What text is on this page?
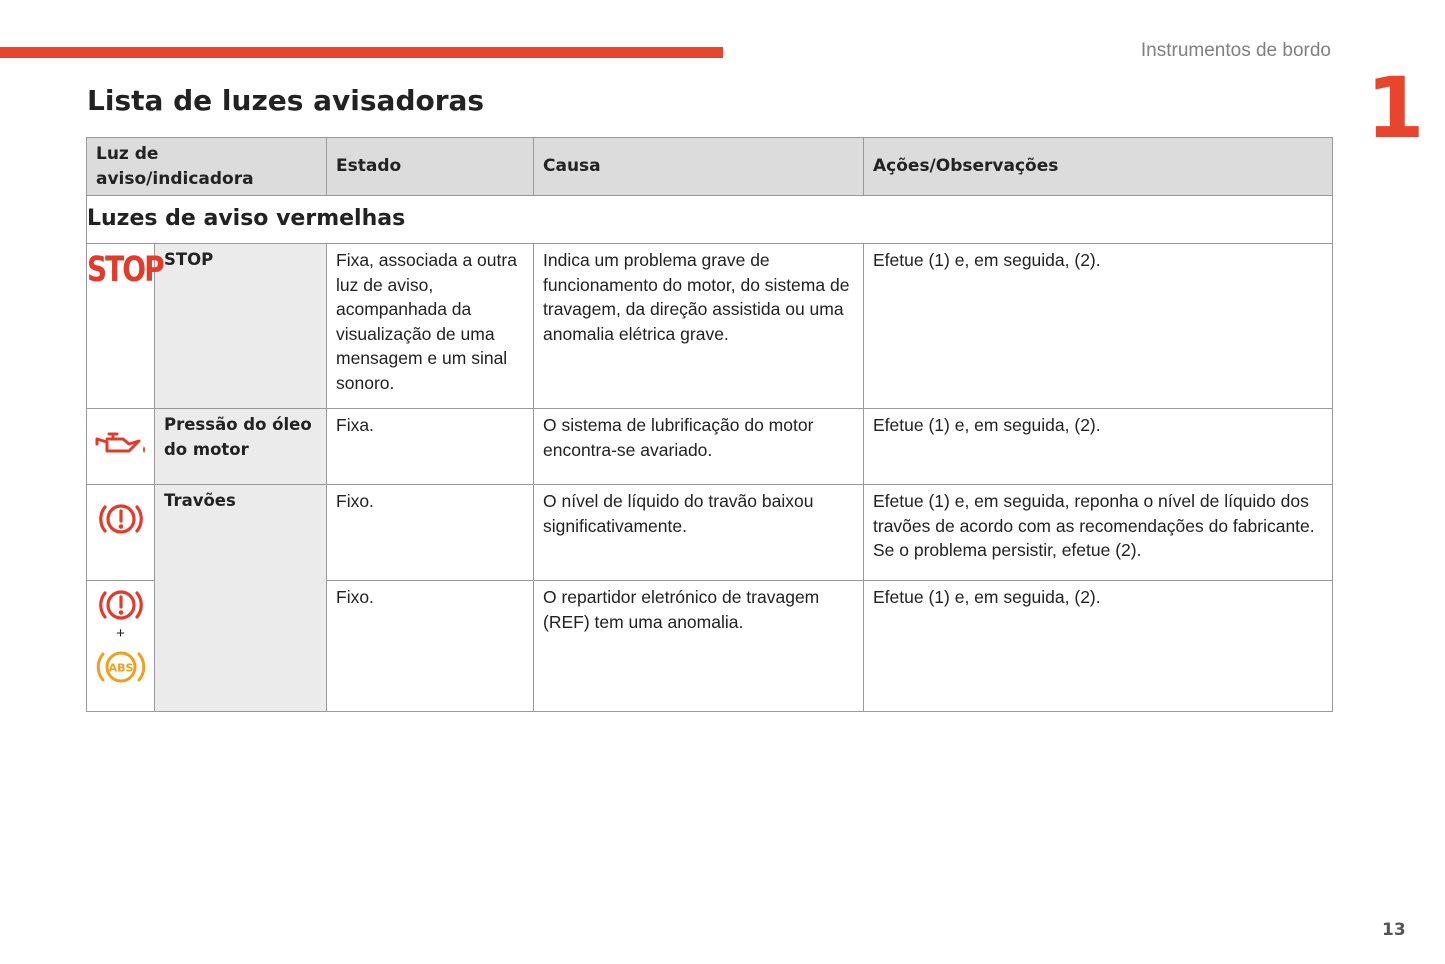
Instrumentos de bordo
1
Lista de luzes avisadoras
Luz de aviso/indicadora		Estado	Causa	Ações/Observações
Luzes de aviso vermelhas				
STOP	STOP	Fixa, associada a outra luz de aviso, acompanhada da visualização de uma mensagem e um sinal sonoro.	Indica um problema grave de funcionamento do motor, do sistema de travagem, da direção assistida ou uma anomalia elétrica grave.	Efetue (1) e, em seguida, (2).

	Pressão do óleo do motor	Fixa.	O sistema de lubrificação do motor encontra-se avariado.	Efetue (1) e, em seguida, (2).

	Travões	Fixo.	O nível de líquido do travão baixou significativamente.	Efetue (1) e, em seguida, reponha o nível de líquido dos travões de acordo com as recomendações do fabricante. Se o problema persistir, efetue (2).

+
ABS		Fixo.	O repartidor eletrónico de travagem (REF) tem uma anomalia.	Efetue (1) e, em seguida, (2).
13
